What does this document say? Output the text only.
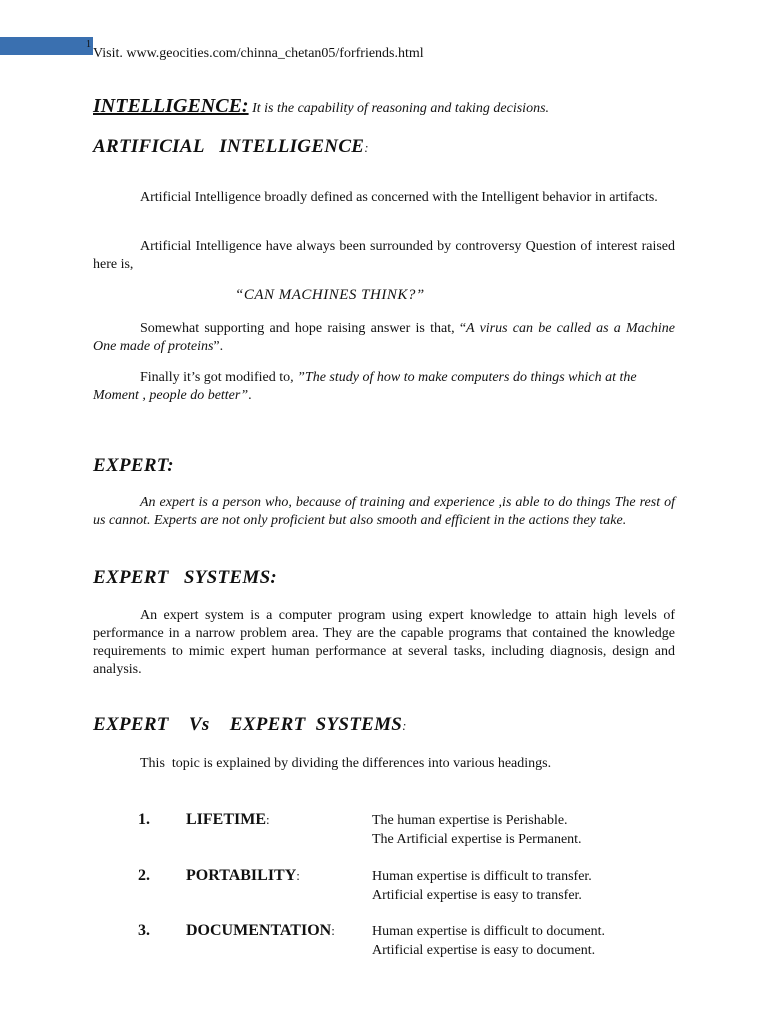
1
Visit. www.geocities.com/chinna_chetan05/forfriends.html
INTELLIGENCE: It is the capability of reasoning and taking decisions.
ARTIFICIAL   INTELLIGENCE:
Artificial Intelligence broadly defined as concerned with the Intelligent behavior in artifacts.
Artificial Intelligence have always been surrounded by controversy Question of interest raised here is,
“CAN MACHINES THINK?”
Somewhat supporting and hope raising answer is that, “A virus can be called as a Machine One made of proteins”.
Finally it’s got modified to, ”The study of how to make computers do things which at the Moment , people do better”.
EXPERT:
An expert is a person who, because of training and experience ,is able to do things The rest of us cannot. Experts are not only proficient but also smooth and efficient in the actions they take.
EXPERT   SYSTEMS:
An expert system is a computer program using expert knowledge to attain high levels of performance in a narrow problem area. They are the capable programs that contained the knowledge requirements to mimic expert human performance at several tasks, including diagnosis, design and analysis.
EXPERT    Vs    EXPERT  SYSTEMS:
This  topic is explained by dividing the differences into various headings.
1. LIFETIME:	The human expertise is Perishable.
The Artificial expertise is Permanent.
2. PORTABILITY:	Human expertise is difficult to transfer.
Artificial expertise is easy to transfer.
3. DOCUMENTATION:	Human expertise is difficult to document.
Artificial expertise is easy to document.
